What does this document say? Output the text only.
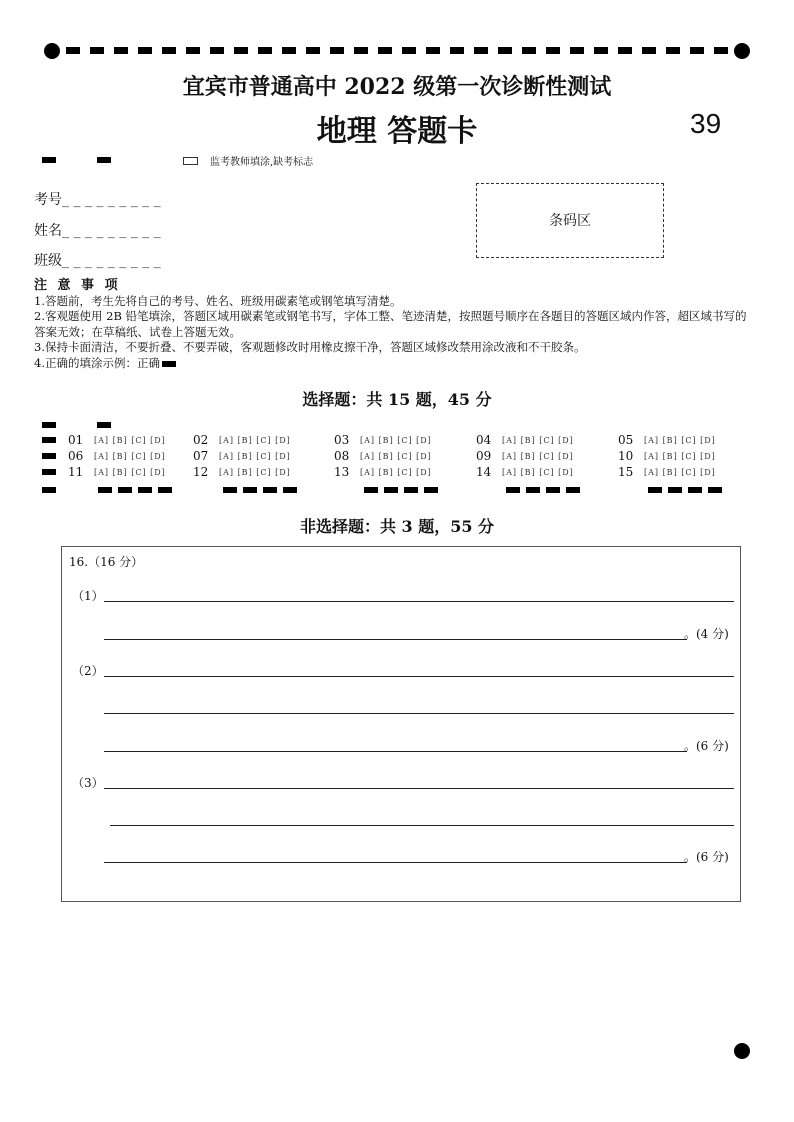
宜宾市普通高中 2022 级第一次诊断性测试
地理 答题卡	39
监考教师填涂,缺考标志
考号_ _ _ _ _ _ _ _ _
姓名_ _ _ _ _ _ _ _ _
班级_ _ _ _ _ _ _ _ _
条码区
注 意 事 项
1.答题前，考生先将自己的考号、姓名、班级用碳素笔或钢笔填写清楚。
2.客观题使用 2B 铅笔填涂，答题区域用碳素笔或钢笔书写，字体工整、笔迹清楚，按照题号顺序在各题目的答题区域内作答，超区域书写的答案无效；在草稿纸、试卷上答题无效。
3.保持卡面清洁，不要折叠、不要弄破，客观题修改时用橡皮擦干净，答题区域修改禁用涂改液和不干胶条。
4.正确的填涂示例：正确
选择题：共 15 题，45 分
01 [A] [B] [C] [D] 02 [A] [B] [C] [D]	03 [A] [B] [C] [D]	04 [A] [B] [C] [D]	05 [A] [B] [C] [D]
06 [A] [B] [C] [D] 07 [A] [B] [C] [D]	08 [A] [B] [C] [D]	09 [A] [B] [C] [D]	10 [A] [B] [C] [D]
11 [A] [B] [C] [D] 12 [A] [B] [C] [D]	13 [A] [B] [C] [D]	14 [A] [B] [C] [D]	15 [A] [B] [C] [D]
非选择题：共 3 题，55 分
16.（16 分）
（1）
。(4 分)
（2）
。(6 分)
（3）
。(6 分)
